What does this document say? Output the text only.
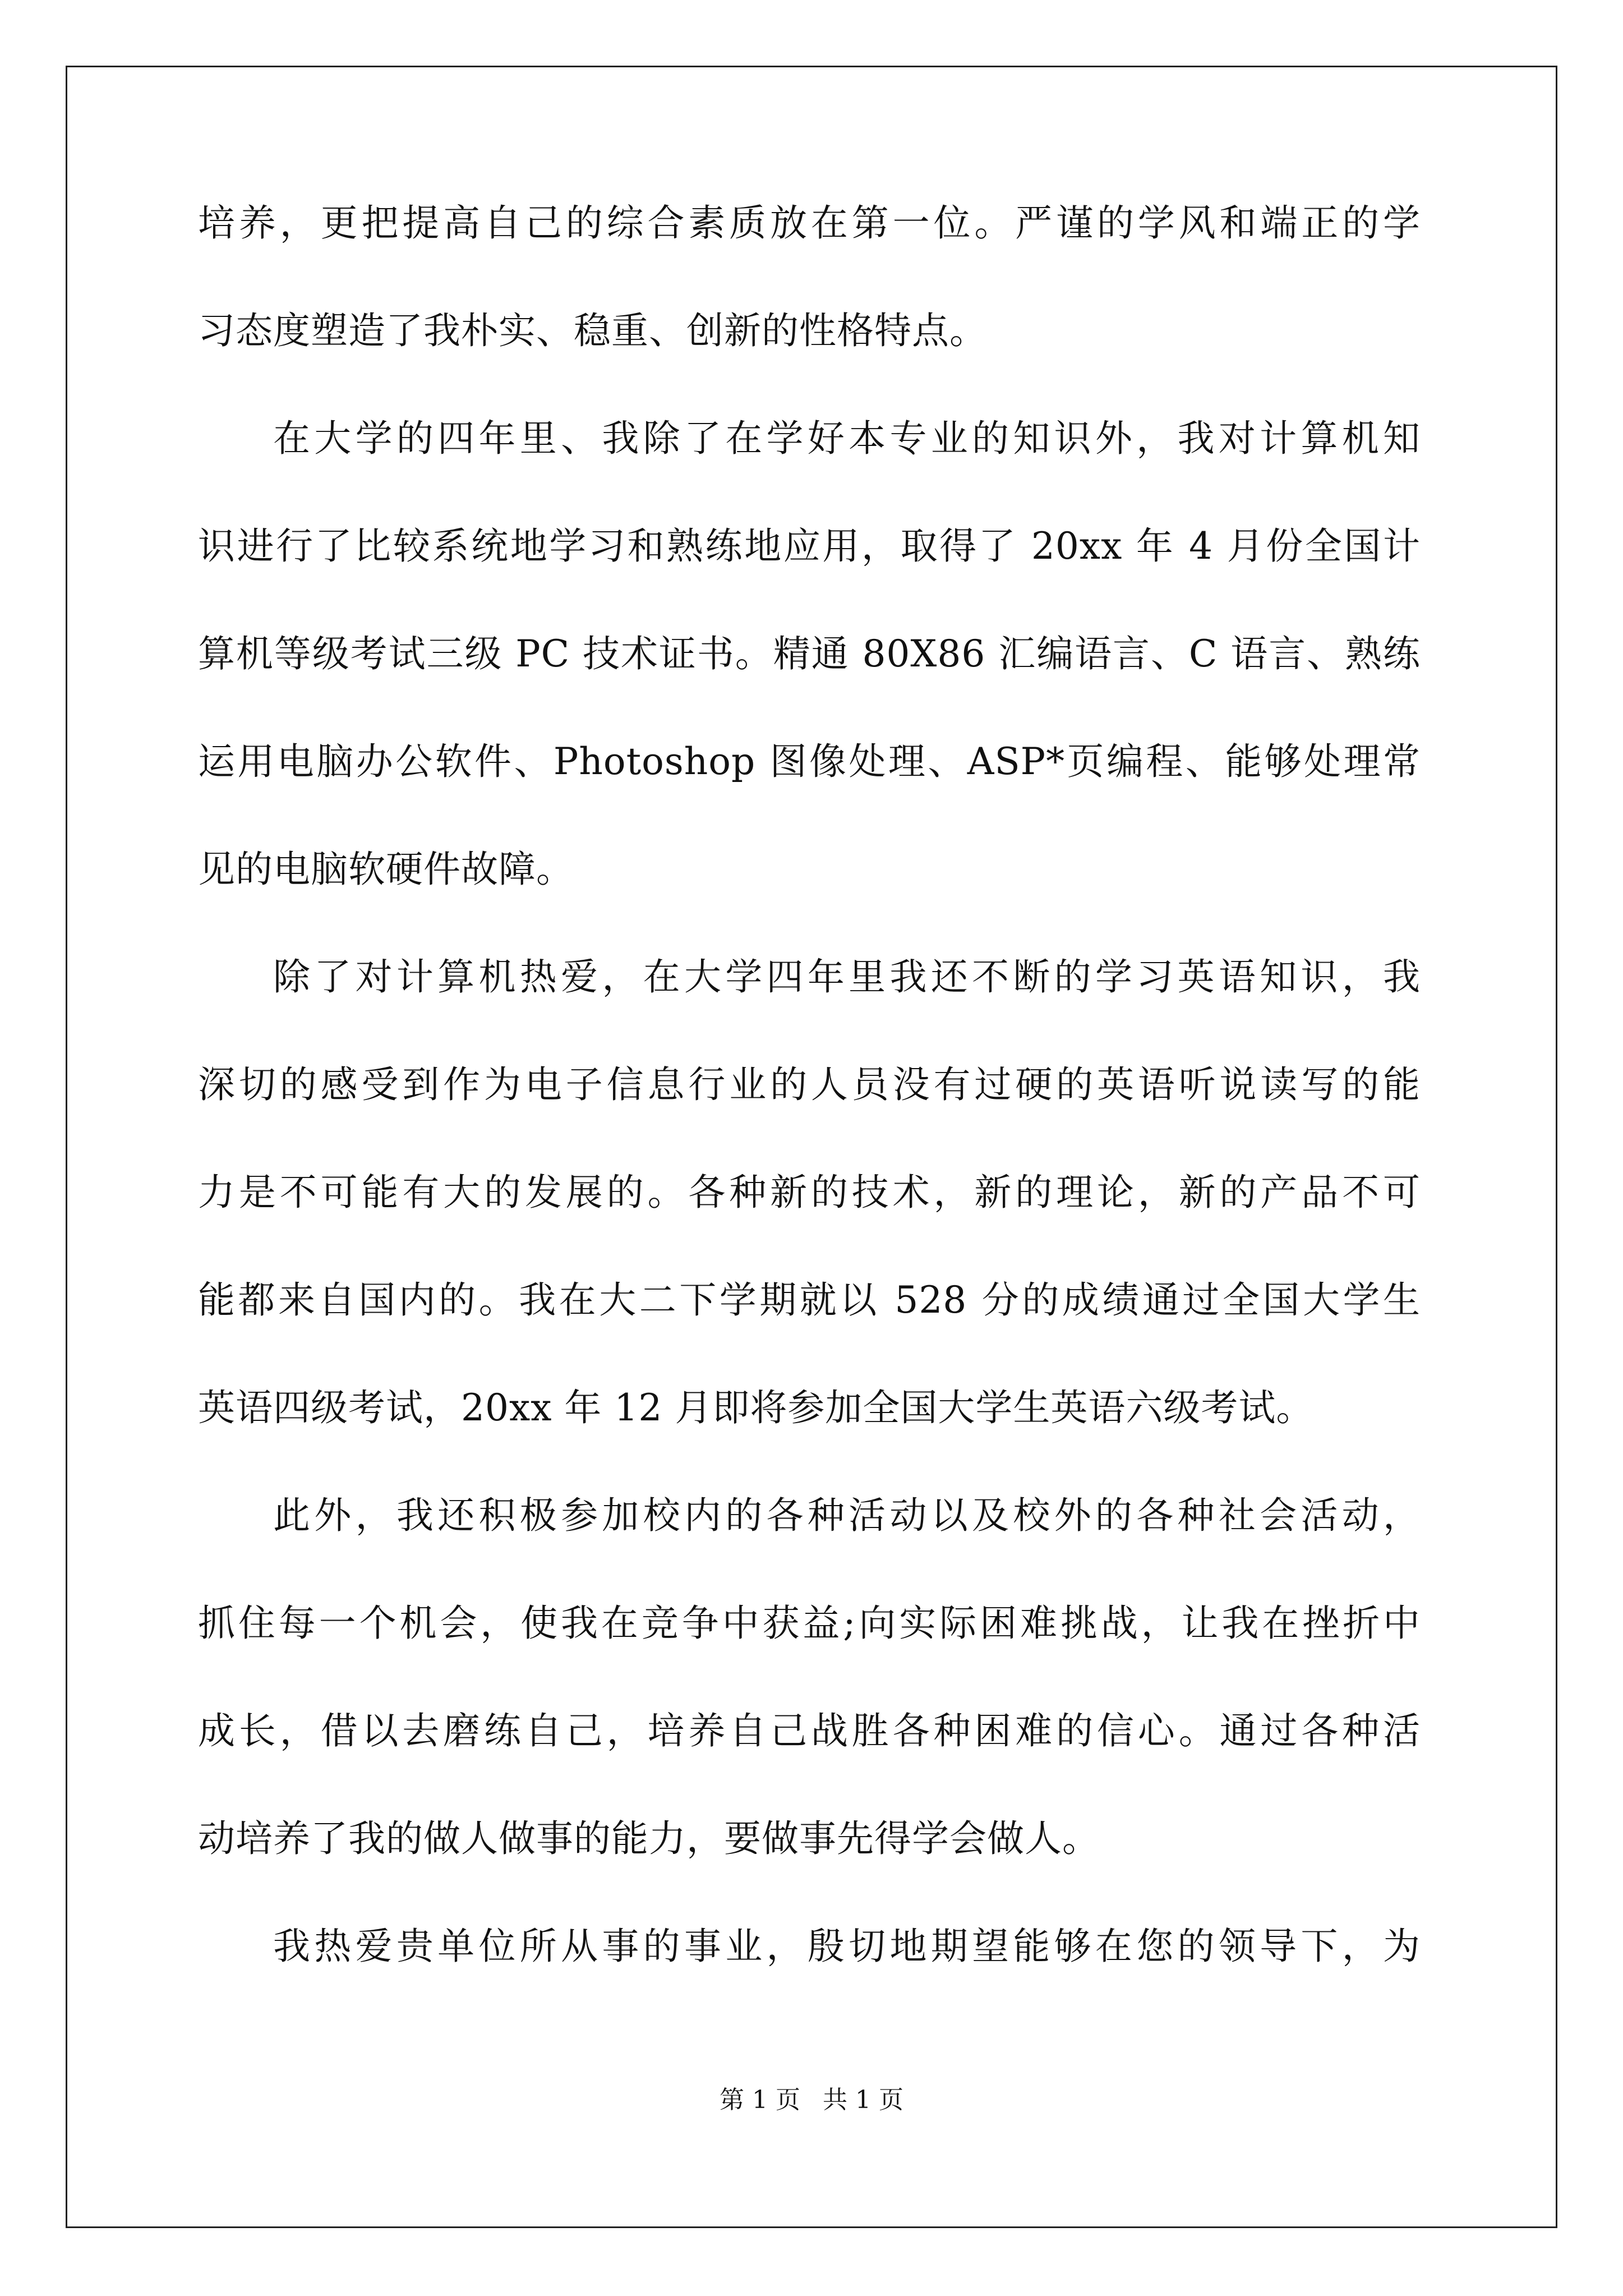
培养，更把提高自己的综合素质放在第一位。严谨的学风和端正的学
习态度塑造了我朴实、稳重、创新的性格特点。
在大学的四年里、我除了在学好本专业的知识外，我对计算机知
识进行了比较系统地学习和熟练地应用，取得了 20xx 年 4 月份全国计
算机等级考试三级 PC 技术证书。精通 80X86 汇编语言、C 语言、熟练
运用电脑办公软件、Photoshop 图像处理、ASP*页编程、能够处理常
见的电脑软硬件故障。
除了对计算机热爱，在大学四年里我还不断的学习英语知识，我
深切的感受到作为电子信息行业的人员没有过硬的英语听说读写的能
力是不可能有大的发展的。各种新的技术，新的理论，新的产品不可
能都来自国内的。我在大二下学期就以 528 分的成绩通过全国大学生
英语四级考试，20xx 年 12 月即将参加全国大学生英语六级考试。
此外，我还积极参加校内的各种活动以及校外的各种社会活动，
抓住每一个机会，使我在竞争中获益;向实际困难挑战，让我在挫折中
成长，借以去磨练自己，培养自己战胜各种困难的信心。通过各种活
动培养了我的做人做事的能力，要做事先得学会做人。
我热爱贵单位所从事的事业，殷切地期望能够在您的领导下，为
第 1 页 共 1 页
